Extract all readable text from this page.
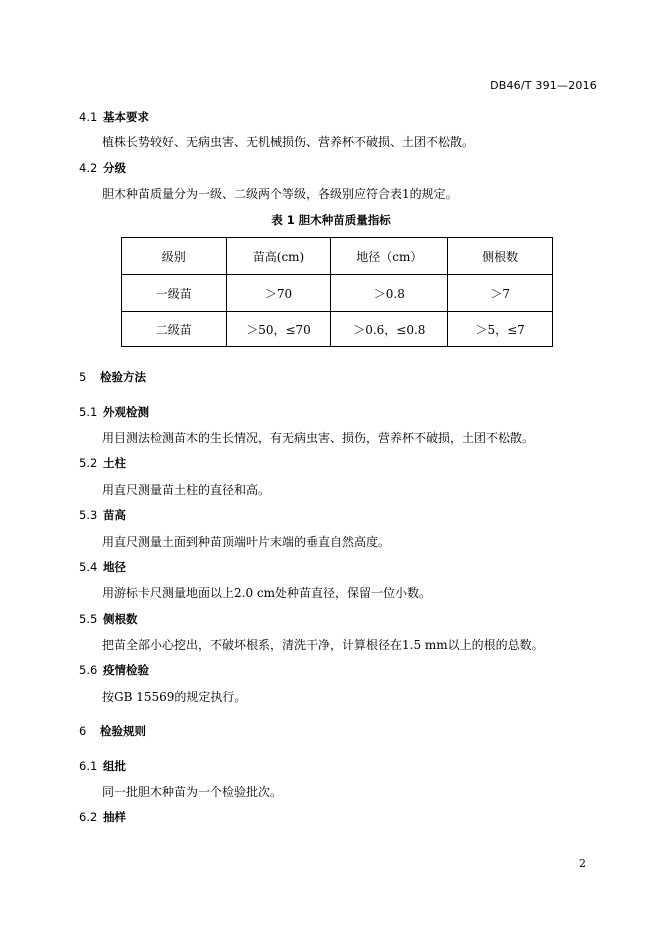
DB46/T 391—2016
4.1 基本要求
植株长势较好、无病虫害、无机械损伤、营养杯不破损、土团不松散。
4.2 分级
胆木种苗质量分为一级、二级两个等级，各级别应符合表1的规定。
表 1 胆木种苗质量指标
级别	苗高(cm)	地径（cm）	侧根数
一级苗	＞70	＞0.8	＞7
二级苗	＞50，≤70	＞0.6，≤0.8	＞5，≤7
5 检验方法
5.1 外观检测
用目测法检测苗木的生长情况，有无病虫害、损伤，营养杯不破损，土团不松散。
5.2 土柱
用直尺测量苗土柱的直径和高。
5.3 苗高
用直尺测量土面到种苗顶端叶片末端的垂直自然高度。
5.4 地径
用游标卡尺测量地面以上2.0 cm处种苗直径，保留一位小数。
5.5 侧根数
把苗全部小心挖出，不破坏根系，清洗干净，计算根径在1.5 mm以上的根的总数。
5.6 疫情检验
按GB 15569的规定执行。
6 检验规则
6.1 组批
同一批胆木种苗为一个检验批次。
6.2 抽样
2
